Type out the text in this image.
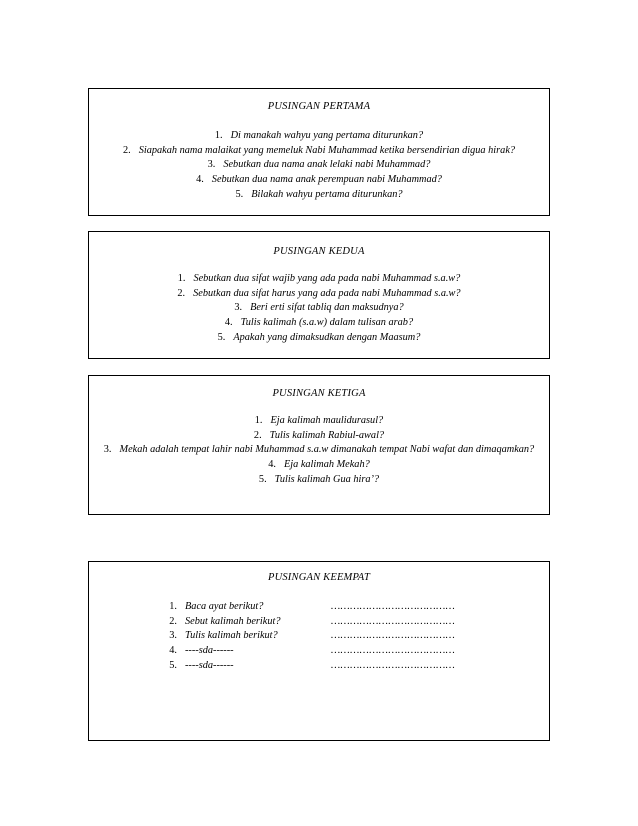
PUSINGAN PERTAMA
1. Di manakah wahyu yang pertama diturunkan?
2. Siapakah nama malaikat yang memeluk Nabi Muhammad ketika bersendirian digua hirak?
3. Sebutkan dua nama anak lelaki nabi Muhammad?
4. Sebutkan dua nama anak perempuan nabi Muhammad?
5. Bilakah wahyu pertama diturunkan?
PUSINGAN KEDUA
1. Sebutkan dua sifat wajib yang ada pada nabi Muhammad s.a.w?
2. Sebutkan dua sifat harus yang ada pada nabi Muhammad s.a.w?
3. Beri erti sifat tabliq dan maksudnya?
4. Tulis kalimah (s.a.w) dalam tulisan arab?
5. Apakah yang dimaksudkan dengan Maasum?
PUSINGAN KETIGA
1. Eja kalimah maulidurasul?
2. Tulis kalimah Rabiul-awal?
3. Mekah adalah tempat lahir nabi Muhammad s.a.w dimanakah tempat Nabi wafat dan dimaqamkan?
4. Eja kalimah Mekah?
5. Tulis kalimah Gua hira’?
PUSINGAN KEEMPAT
1. Baca ayat berikut?	…………………………………
2. Sebut kalimah berikut?	…………………………………
3. Tulis kalimah berikut?	…………………………………
4. ----sda------	…………………………………
5. ----sda------	…………………………………
